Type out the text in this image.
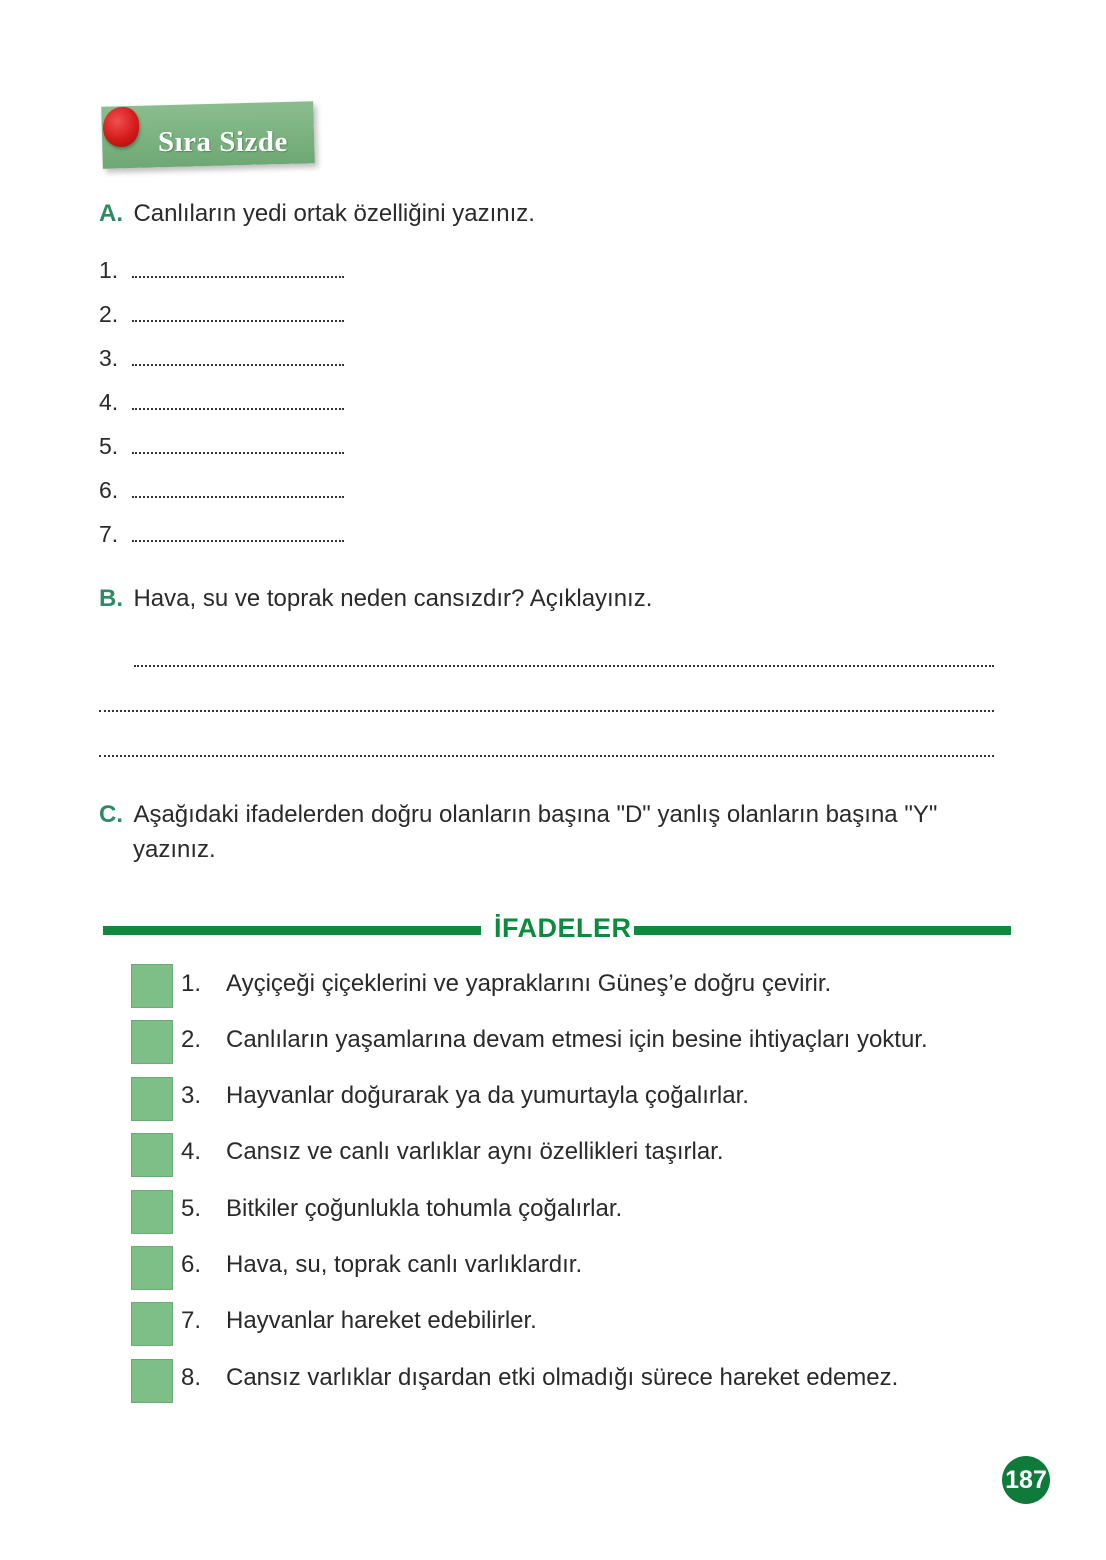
Sıra Sizde
A. Canlıların yedi ortak özelliğini yazınız.
1.
2.
3.
4.
5.
6.
7.
B. Hava, su ve toprak neden cansızdır? Açıklayınız.
C. Aşağıdaki ifadelerden doğru olanların başına ʺDʺ yanlış olanların başına ʺYʺ
yazınız.
İFADELER
1. Ayçiçeği çiçeklerini ve yapraklarını Güneş’e doğru çevirir.
2. Canlıların yaşamlarına devam etmesi için besine ihtiyaçları yoktur.
3. Hayvanlar doğurarak ya da yumurtayla çoğalırlar.
4. Cansız ve canlı varlıklar aynı özellikleri taşırlar.
5. Bitkiler çoğunlukla tohumla çoğalırlar.
6. Hava, su, toprak canlı varlıklardır.
7. Hayvanlar hareket edebilirler.
8. Cansız varlıklar dışardan etki olmadığı sürece hareket edemez.
187
